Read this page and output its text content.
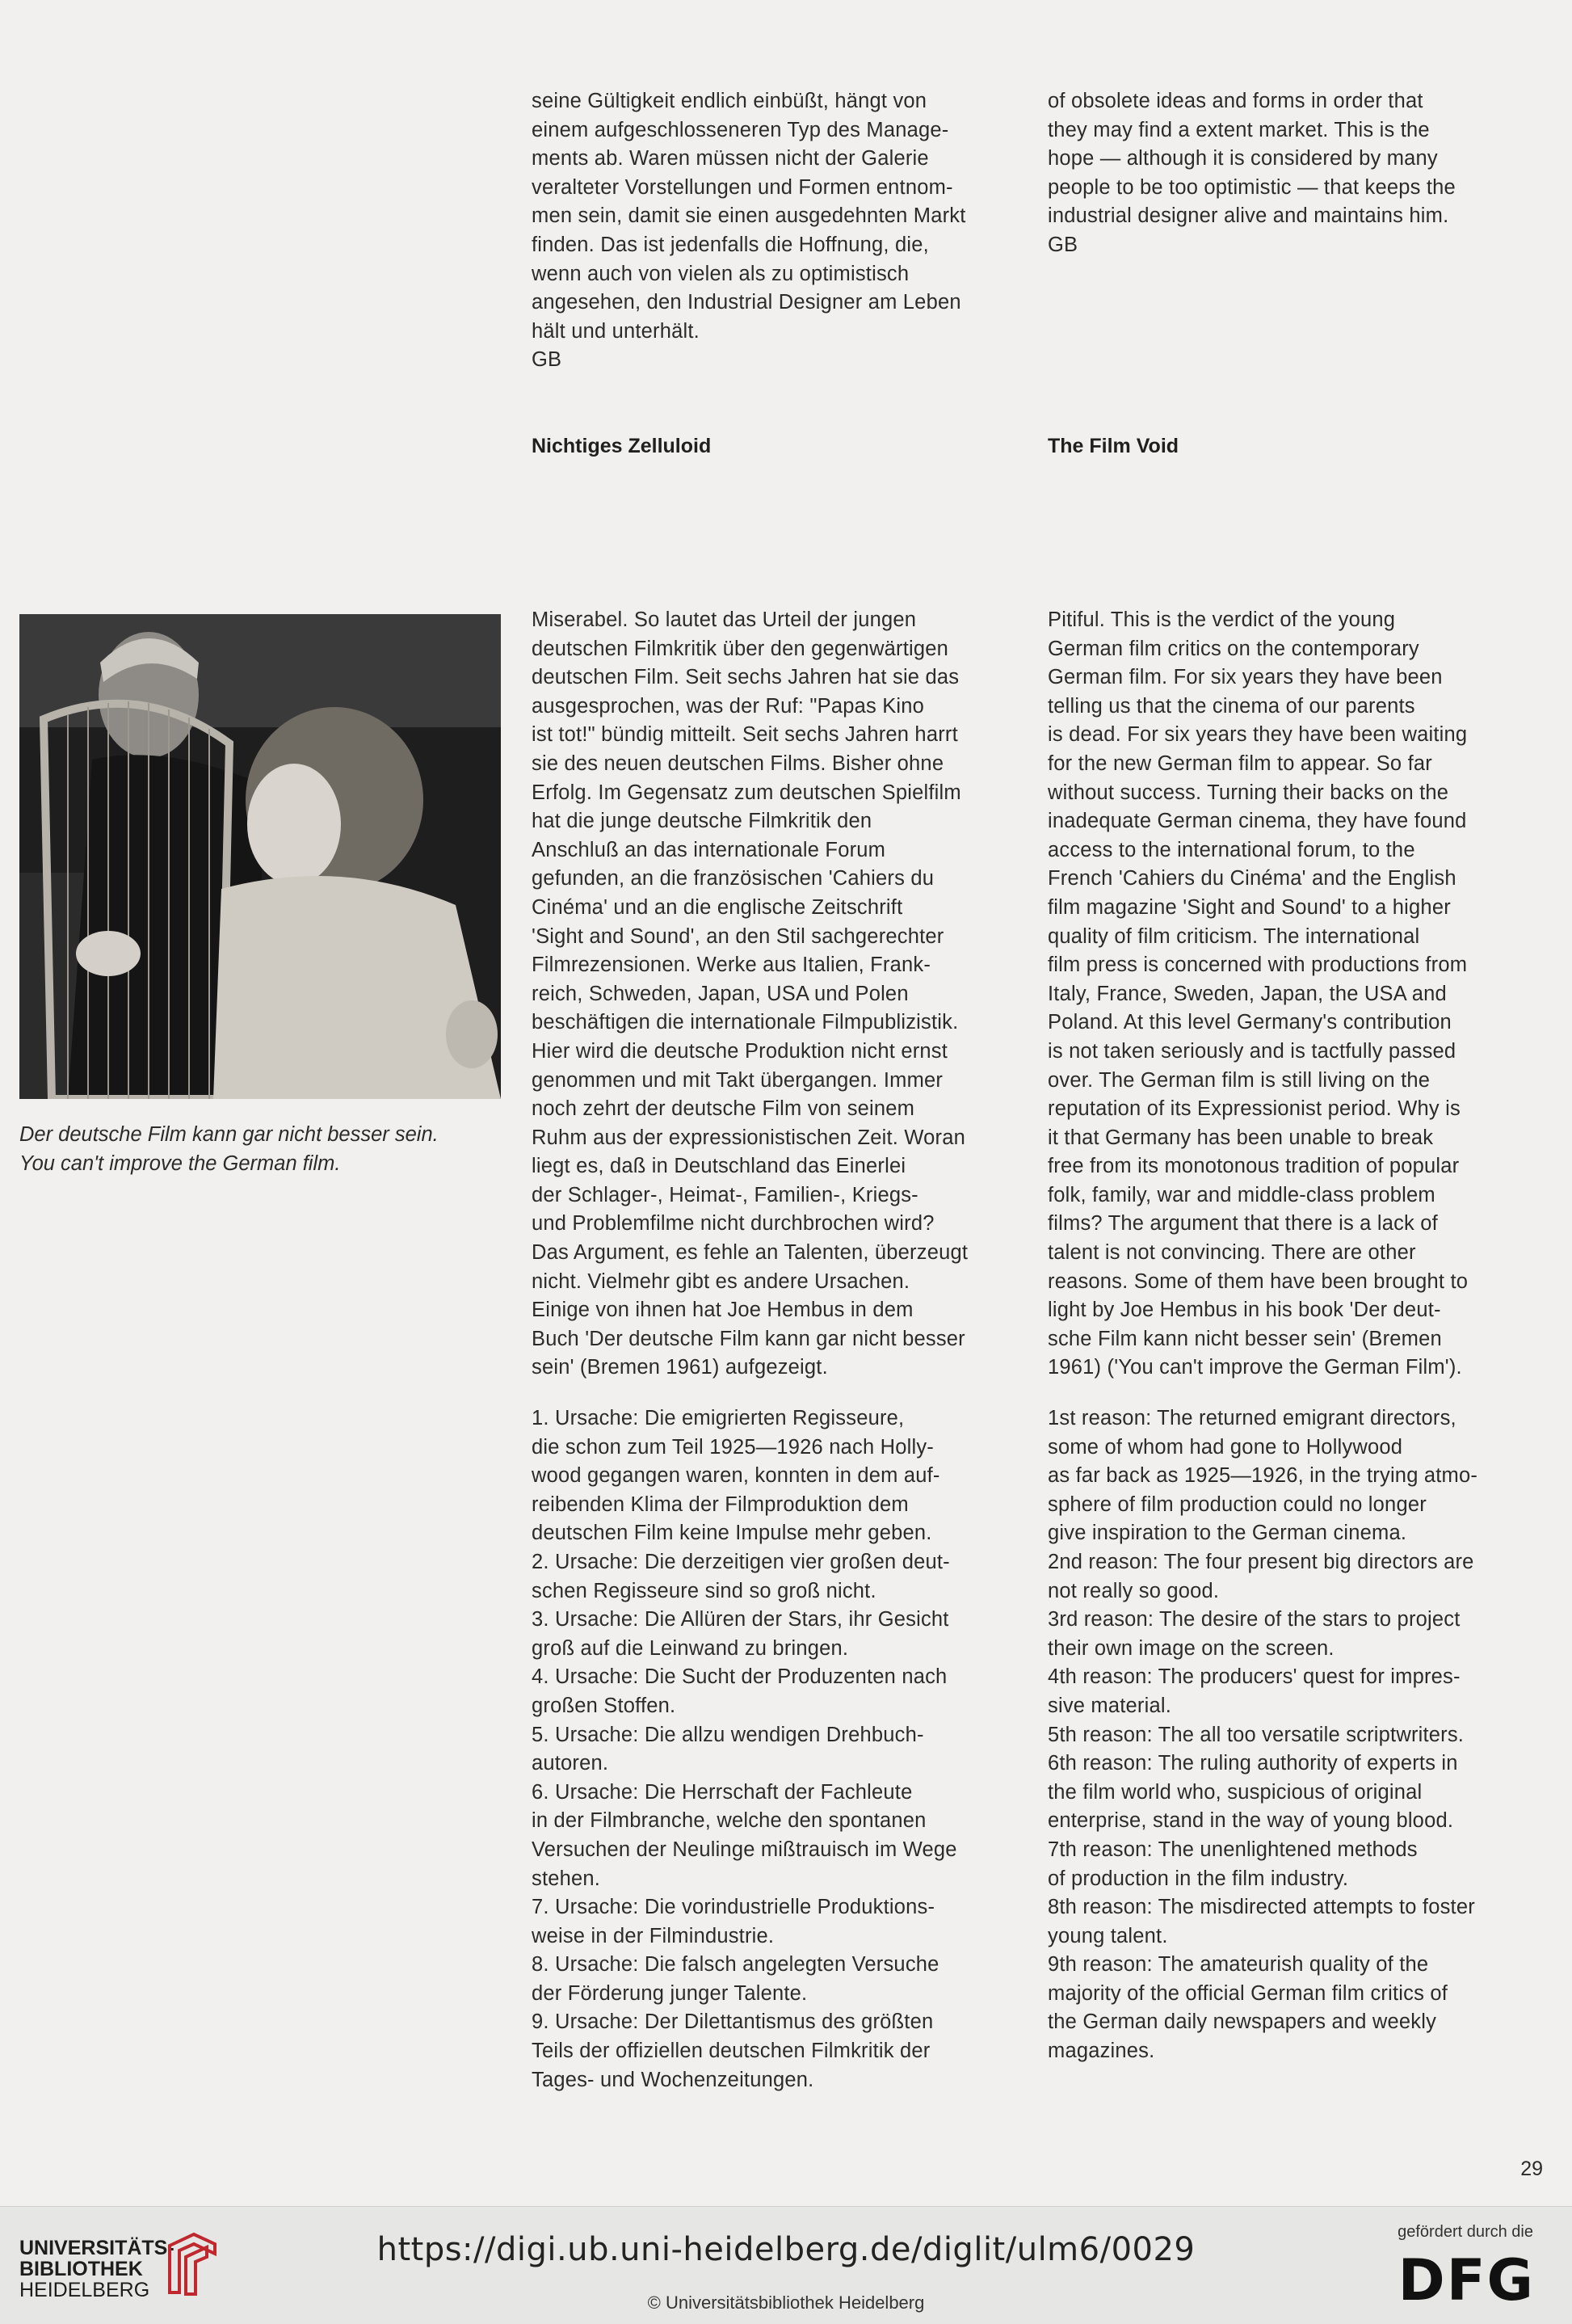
seine Gültigkeit endlich einbüßt, hängt von
einem aufgeschlosseneren Typ des Manage-
ments ab. Waren müssen nicht der Galerie
veralteter Vorstellungen und Formen entnom-
men sein, damit sie einen ausgedehnten Markt
finden. Das ist jedenfalls die Hoffnung, die,
wenn auch von vielen als zu optimistisch
angesehen, den Industrial Designer am Leben
hält und unterhält.
GB
of obsolete ideas and forms in order that
they may find a extent market. This is the
hope — although it is considered by many
people to be too optimistic — that keeps the
industrial designer alive and maintains him.
GB
Nichtiges Zelluloid	The Film Void
Der deutsche Film kann gar nicht besser sein.
You can't improve the German film.
Miserabel. So lautet das Urteil der jungen
deutschen Filmkritik über den gegenwärtigen
deutschen Film. Seit sechs Jahren hat sie das
ausgesprochen, was der Ruf: "Papas Kino
ist tot!" bündig mitteilt. Seit sechs Jahren harrt
sie des neuen deutschen Films. Bisher ohne
Erfolg. Im Gegensatz zum deutschen Spielfilm
hat die junge deutsche Filmkritik den
Anschluß an das internationale Forum
gefunden, an die französischen 'Cahiers du
Cinéma' und an die englische Zeitschrift
'Sight and Sound', an den Stil sachgerechter
Filmrezensionen. Werke aus Italien, Frank-
reich, Schweden, Japan, USA und Polen
beschäftigen die internationale Filmpublizistik.
Hier wird die deutsche Produktion nicht ernst
genommen und mit Takt übergangen. Immer
noch zehrt der deutsche Film von seinem
Ruhm aus der expressionistischen Zeit. Woran
liegt es, daß in Deutschland das Einerlei
der Schlager-, Heimat-, Familien-, Kriegs-
und Problemfilme nicht durchbrochen wird?
Das Argument, es fehle an Talenten, überzeugt
nicht. Vielmehr gibt es andere Ursachen.
Einige von ihnen hat Joe Hembus in dem
Buch 'Der deutsche Film kann gar nicht besser
sein' (Bremen 1961) aufgezeigt.
Pitiful. This is the verdict of the young
German film critics on the contemporary
German film. For six years they have been
telling us that the cinema of our parents
is dead. For six years they have been waiting
for the new German film to appear. So far
without success. Turning their backs on the
inadequate German cinema, they have found
access to the international forum, to the
French 'Cahiers du Cinéma' and the English
film magazine 'Sight and Sound' to a higher
quality of film criticism. The international
film press is concerned with productions from
Italy, France, Sweden, Japan, the USA and
Poland. At this level Germany's contribution
is not taken seriously and is tactfully passed
over. The German film is still living on the
reputation of its Expressionist period. Why is
it that Germany has been unable to break
free from its monotonous tradition of popular
folk, family, war and middle-class problem
films? The argument that there is a lack of
talent is not convincing. There are other
reasons. Some of them have been brought to
light by Joe Hembus in his book 'Der deut-
sche Film kann nicht besser sein' (Bremen
1961) ('You can't improve the German Film').
1. Ursache: Die emigrierten Regisseure,
die schon zum Teil 1925—1926 nach Holly-
wood gegangen waren, konnten in dem auf-
reibenden Klima der Filmproduktion dem
deutschen Film keine Impulse mehr geben.
2. Ursache: Die derzeitigen vier großen deut-
schen Regisseure sind so groß nicht.
3. Ursache: Die Allüren der Stars, ihr Gesicht
groß auf die Leinwand zu bringen.
4. Ursache: Die Sucht der Produzenten nach
großen Stoffen.
5. Ursache: Die allzu wendigen Drehbuch-
autoren.
6. Ursache: Die Herrschaft der Fachleute
in der Filmbranche, welche den spontanen
Versuchen der Neulinge mißtrauisch im Wege
stehen.
7. Ursache: Die vorindustrielle Produktions-
weise in der Filmindustrie.
8. Ursache: Die falsch angelegten Versuche
der Förderung junger Talente.
9. Ursache: Der Dilettantismus des größten
Teils der offiziellen deutschen Filmkritik der
Tages- und Wochenzeitungen.
1st reason: The returned emigrant directors,
some of whom had gone to Hollywood
as far back as 1925—1926, in the trying atmo-
sphere of film production could no longer
give inspiration to the German cinema.
2nd reason: The four present big directors are
not really so good.
3rd reason: The desire of the stars to project
their own image on the screen.
4th reason: The producers' quest for impres-
sive material.
5th reason: The all too versatile scriptwriters.
6th reason: The ruling authority of experts in
the film world who, suspicious of original
enterprise, stand in the way of young blood.
7th reason: The unenlightened methods
of production in the film industry.
8th reason: The misdirected attempts to foster
young talent.
9th reason: The amateurish quality of the
majority of the official German film critics of
the German daily newspapers and weekly
magazines.
29
UNIVERSITÄTS-
BIBLIOTHEK
HEIDELBERG
https://digi.ub.uni-heidelberg.de/diglit/ulm6/0029
© Universitätsbibliothek Heidelberg
gefördert durch die
DFG
